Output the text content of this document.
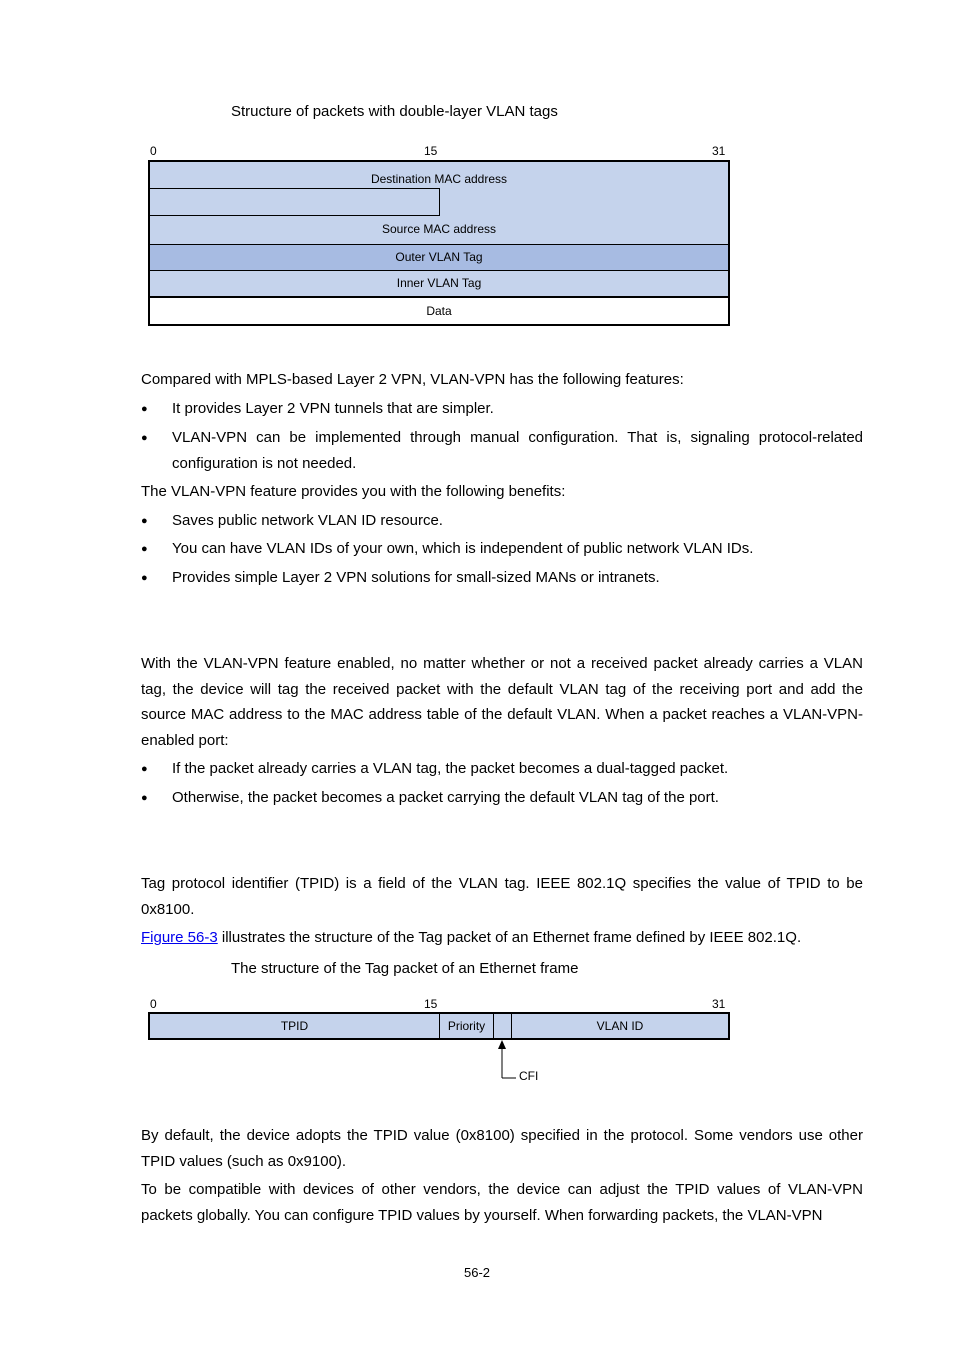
Structure of packets with double-layer VLAN tags
0	15	31
Destination MAC address
Source MAC address
Outer VLAN Tag
Inner VLAN Tag
Data
Compared with MPLS-based Layer 2 VPN, VLAN-VPN has the following features:
● It provides Layer 2 VPN tunnels that are simpler.
● VLAN-VPN can be implemented through manual configuration. That is, signaling protocol-related configuration is not needed.
The VLAN-VPN feature provides you with the following benefits:
● Saves public network VLAN ID resource.
● You can have VLAN IDs of your own, which is independent of public network VLAN IDs.
● Provides simple Layer 2 VPN solutions for small-sized MANs or intranets.
With the VLAN-VPN feature enabled, no matter whether or not a received packet already carries a VLAN tag, the device will tag the received packet with the default VLAN tag of the receiving port and add the source MAC address to the MAC address table of the default VLAN. When a packet reaches a VLAN-VPN-enabled port:
● If the packet already carries a VLAN tag, the packet becomes a dual-tagged packet.
● Otherwise, the packet becomes a packet carrying the default VLAN tag of the port.
Tag protocol identifier (TPID) is a field of the VLAN tag. IEEE 802.1Q specifies the value of TPID to be 0x8100.
Figure 56-3 illustrates the structure of the Tag packet of an Ethernet frame defined by IEEE 802.1Q.
The structure of the Tag packet of an Ethernet frame
0	15	31
TPID	Priority	VLAN ID
CFI
By default, the device adopts the TPID value (0x8100) specified in the protocol. Some vendors use other TPID values (such as 0x9100).
To be compatible with devices of other vendors, the device can adjust the TPID values of VLAN-VPN packets globally. You can configure TPID values by yourself. When forwarding packets, the VLAN-VPN
56-2
